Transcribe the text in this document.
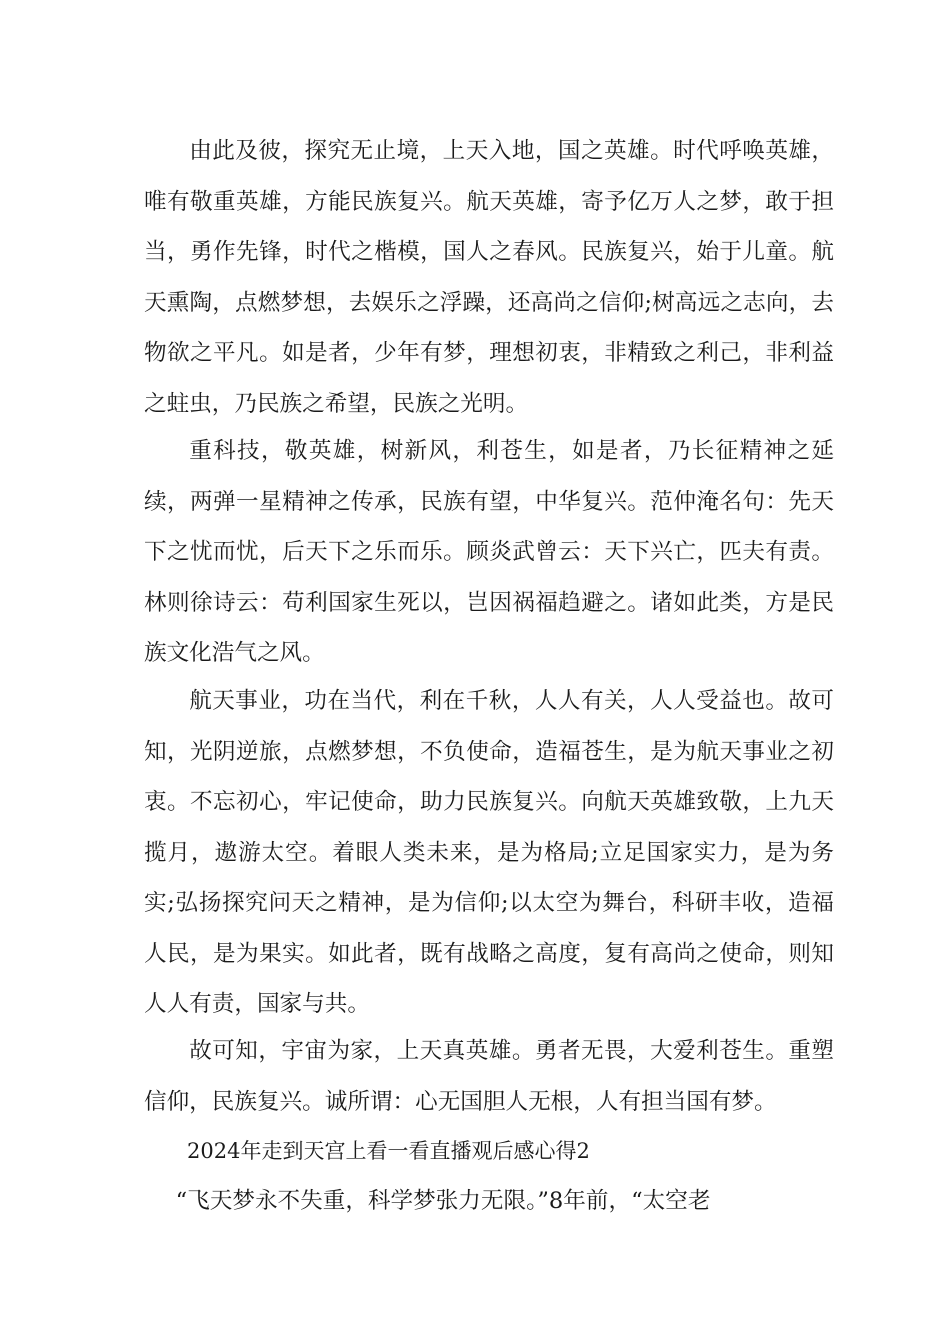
由此及彼，探究无止境，上天入地，国之英雄。时代呼唤英雄，唯有敬重英雄，方能民族复兴。航天英雄，寄予亿万人之梦，敢于担当，勇作先锋，时代之楷模，国人之春风。民族复兴，始于儿童。航天熏陶，点燃梦想，去娱乐之浮躁，还高尚之信仰;树高远之志向，去物欲之平凡。如是者，少年有梦，理想初衷，非精致之利己，非利益之蛀虫，乃民族之希望，民族之光明。

重科技，敬英雄，树新风，利苍生，如是者，乃长征精神之延续，两弹一星精神之传承，民族有望，中华复兴。范仲淹名句：先天下之忧而忧，后天下之乐而乐。顾炎武曾云：天下兴亡，匹夫有责。林则徐诗云：苟利国家生死以，岂因祸福趋避之。诸如此类，方是民族文化浩气之风。

航天事业，功在当代，利在千秋，人人有关，人人受益也。故可知，光阴逆旅，点燃梦想，不负使命，造福苍生，是为航天事业之初衷。不忘初心，牢记使命，助力民族复兴。向航天英雄致敬，上九天揽月，遨游太空。着眼人类未来，是为格局;立足国家实力，是为务实;弘扬探究问天之精神，是为信仰;以太空为舞台，科研丰收，造福人民，是为果实。如此者，既有战略之高度，复有高尚之使命，则知人人有责，国家与共。

故可知，宇宙为家，上天真英雄。勇者无畏，大爱利苍生。重塑信仰，民族复兴。诚所谓：心无国胆人无根，人有担当国有梦。

2024年走到天宫上看一看直播观后感心得2

“飞天梦永不失重，科学梦张力无限。”8年前，“太空老
